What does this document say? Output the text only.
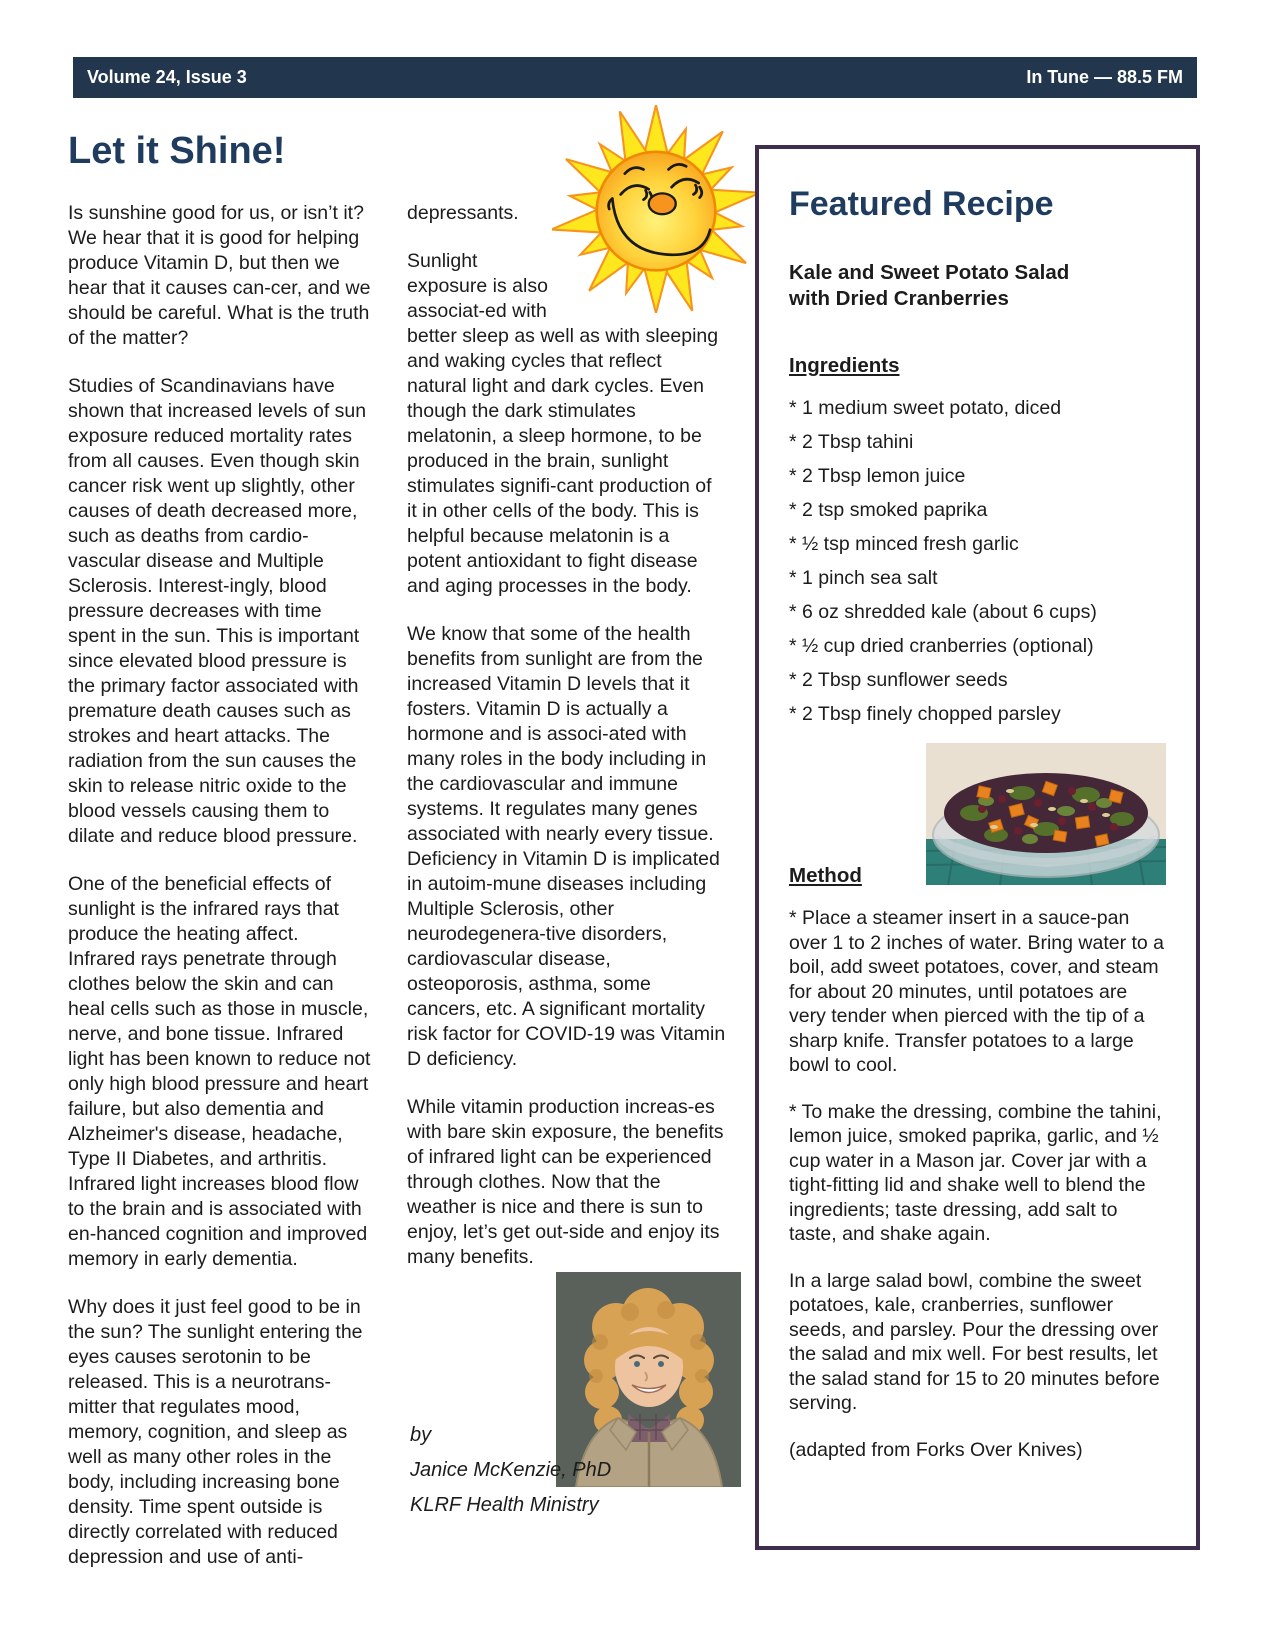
Volume 24, Issue 3	In Tune — 88.5 FM
Let it Shine!

Is sunshine good for us, or isn’t it? We hear that it is good for helping produce Vitamin D, but then we hear that it causes can-cer, and we should be careful. What is the truth of the matter?

Studies of Scandinavians have shown that increased levels of sun exposure reduced mortality rates from all causes. Even though skin cancer risk went up slightly, other causes of death decreased more, such as deaths from cardio-vascular disease and Multiple Sclerosis. Interest-ingly, blood pressure decreases with time spent in the sun. This is important since elevated blood pressure is the primary factor associated with premature death causes such as strokes and heart attacks. The radiation from the sun causes the skin to release nitric oxide to the blood vessels causing them to dilate and reduce blood pressure.

One of the beneficial effects of sunlight is the infrared rays that produce the heating affect. Infrared rays penetrate through clothes below the skin and can heal cells such as those in muscle, nerve, and bone tissue. Infrared light has been known to reduce not only high blood pressure and heart failure, but also dementia and Alzheimer's disease, headache, Type II Diabetes, and arthritis. Infrared light increases blood flow to the brain and is associated with en-hanced cognition and improved memory in early dementia.

Why does it just feel good to be in the sun? The sunlight entering the eyes causes serotonin to be released. This is a neurotrans-mitter that regulates mood, memory, cognition, and sleep as well as many other roles in the body, including increasing bone density. Time spent outside is directly correlated with reduced depression and use of anti-

depressants.

Sunlight exposure is also associat-ed with better sleep as well as with sleeping and waking cycles that reflect natural light and dark cycles. Even though the dark stimulates melatonin, a sleep hormone, to be produced in the brain, sunlight stimulates signifi-cant production of it in other cells of the body. This is helpful because melatonin is a potent antioxidant to fight disease and aging processes in the body.

We know that some of the health benefits from sunlight are from the increased Vitamin D levels that it fosters. Vitamin D is actually a hormone and is associ-ated with many roles in the body including in the cardiovascular and immune systems. It regulates many genes associated with nearly every tissue. Deficiency in Vitamin D is implicated in autoim-mune diseases including Multiple Sclerosis, other neurodegenera-tive disorders, cardiovascular disease, osteoporosis, asthma, some cancers, etc. A significant mortality risk factor for COVID-19 was Vitamin D deficiency.

While vitamin production increas-es with bare skin exposure, the benefits of infrared light can be experienced through clothes. Now that the weather is nice and there is sun to enjoy, let’s get out-side and enjoy its many benefits.

by
Janice McKenzie, PhD
KLRF Health Ministry
Featured Recipe
Kale and Sweet Potato Salad with Dried Cranberries
Ingredients

* 1 medium sweet potato, diced

* 2 Tbsp tahini

* 2 Tbsp lemon juice

* 2 tsp smoked paprika

* ½ tsp minced fresh garlic

* 1 pinch sea salt

* 6 oz shredded kale (about 6 cups)

* ½ cup dried cranberries (optional)

* 2 Tbsp sunflower seeds

* 2 Tbsp finely chopped parsley

Method

* Place a steamer insert in a sauce-pan over 1 to 2 inches of water. Bring water to a boil, add sweet potatoes, cover, and steam for about 20 minutes, until potatoes are very tender when pierced with the tip of a sharp knife. Transfer potatoes to a large bowl to cool.

* To make the dressing, combine the tahini, lemon juice, smoked paprika, garlic, and ½ cup water in a Mason jar. Cover jar with a tight-fitting lid and shake well to blend the ingredients; taste dressing, add salt to taste, and shake again.

In a large salad bowl, combine the sweet potatoes, kale, cranberries, sunflower seeds, and parsley. Pour the dressing over the salad and mix well. For best results, let the salad stand for 15 to 20 minutes before serving.

(adapted from Forks Over Knives)
